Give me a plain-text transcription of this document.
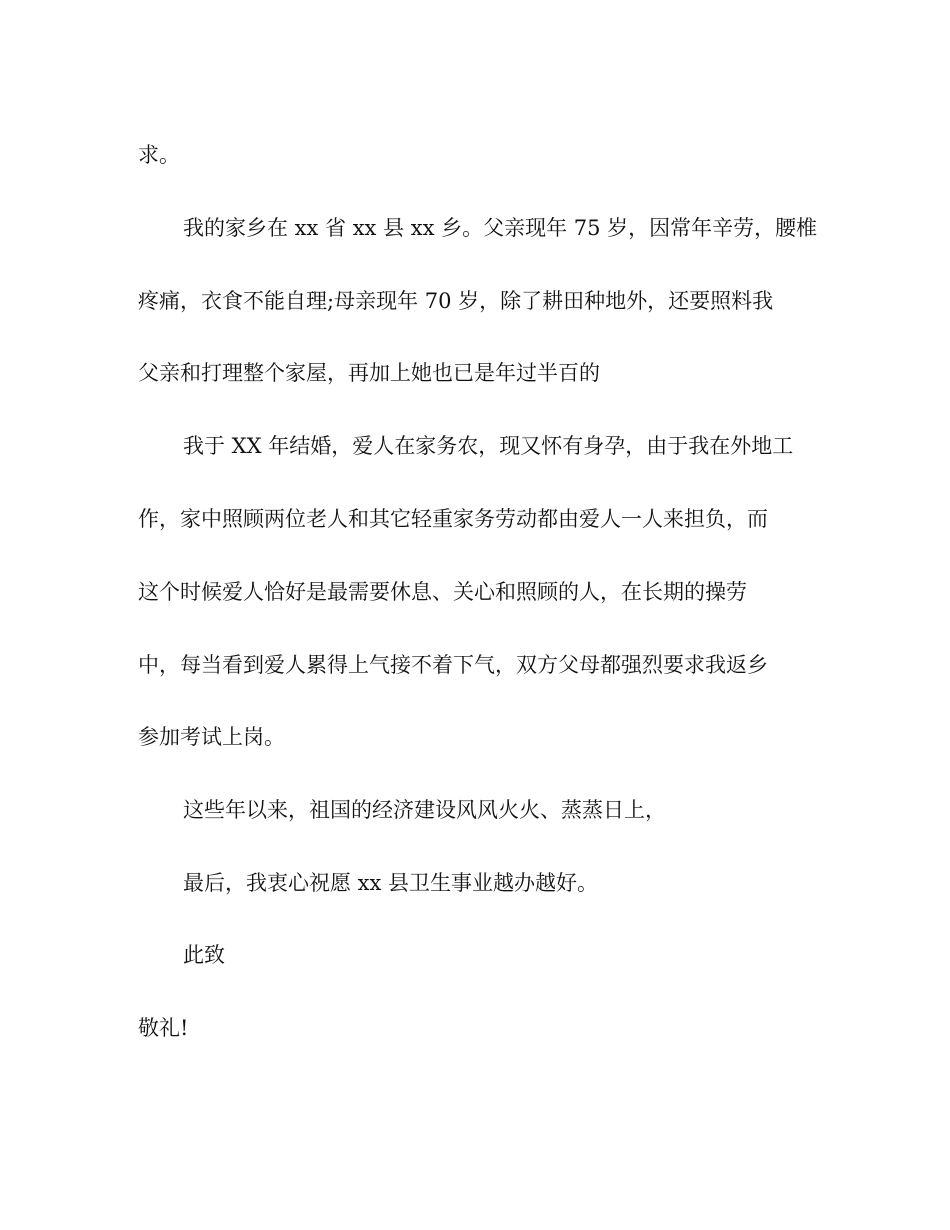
求。
我的家乡在 xx 省 xx 县 xx 乡。父亲现年 75 岁，因常年辛劳，腰椎
疼痛，衣食不能自理;母亲现年 70 岁，除了耕田种地外，还要照料我
父亲和打理整个家屋，再加上她也已是年过半百的
我于 XX 年结婚，爱人在家务农，现又怀有身孕，由于我在外地工
作，家中照顾两位老人和其它轻重家务劳动都由爱人一人来担负，而
这个时候爱人恰好是最需要休息、关心和照顾的人，在长期的操劳
中，每当看到爱人累得上气接不着下气，双方父母都强烈要求我返乡
参加考试上岗。
这些年以来，祖国的经济建设风风火火、蒸蒸日上，
最后，我衷心祝愿 xx 县卫生事业越办越好。
此致
敬礼!
